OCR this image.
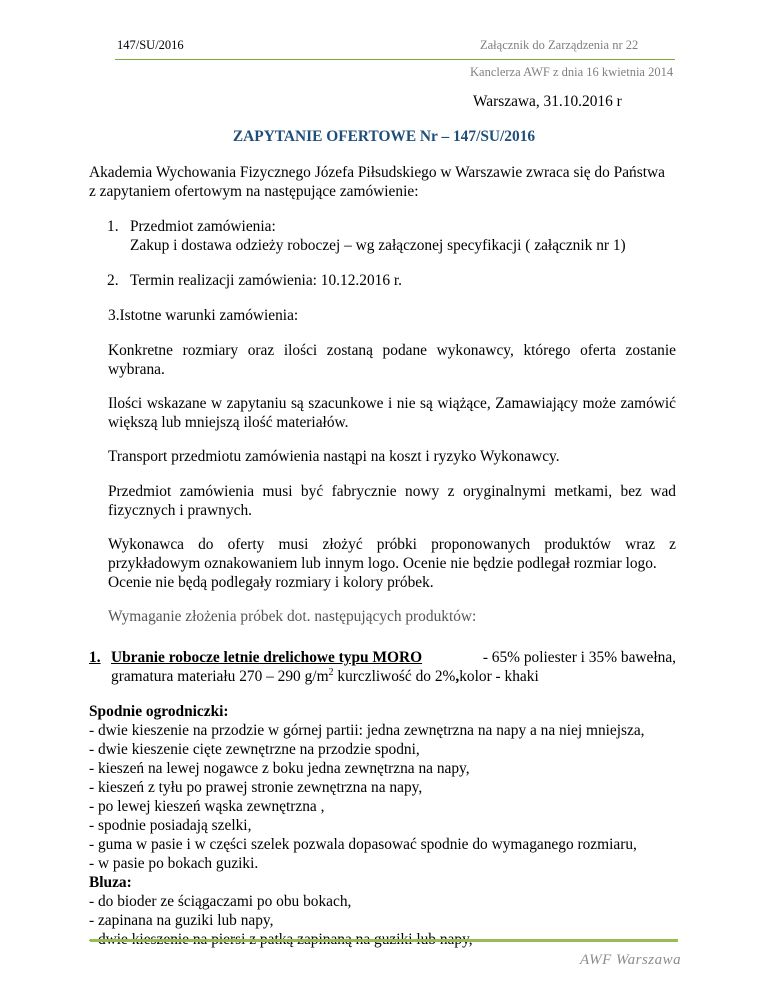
147/SU/2016	Załącznik do Zarządzenia nr 22
Kanclerza AWF z dnia 16 kwietnia 2014
Warszawa, 31.10.2016 r
ZAPYTANIE OFERTOWE Nr – 147/SU/2016
Akademia Wychowania Fizycznego Józefa Piłsudskiego w Warszawie zwraca się do Państwa
z zapytaniem ofertowym na następujące zamówienie:
1. Przedmiot zamówienia:
Zakup i dostawa odzieży roboczej – wg załączonej specyfikacji ( załącznik nr 1)
2. Termin realizacji zamówienia: 10.12.2016 r.
3.Istotne warunki zamówienia:
Konkretne rozmiary oraz ilości zostaną podane wykonawcy, którego oferta zostanie
wybrana.
Ilości wskazane w zapytaniu są szacunkowe i nie są wiążące, Zamawiający może zamówić
większą lub mniejszą ilość materiałów.
Transport przedmiotu zamówienia nastąpi na koszt i ryzyko Wykonawcy.
Przedmiot zamówienia musi być fabrycznie nowy z oryginalnymi metkami, bez wad
fizycznych i prawnych.
Wykonawca do oferty musi złożyć próbki proponowanych produktów wraz z
przykładowym oznakowaniem lub innym logo. Ocenie nie będzie podlegał rozmiar logo.
Ocenie nie będą podlegały rozmiary i kolory próbek.
Wymaganie złożenia próbek dot. następujących produktów:
1. Ubranie robocze letnie drelichowe typu MORO	- 65% poliester i 35% bawełna,
gramatura materiału 270 – 290 $g/m^2$ kurczliwość do 2%,kolor - khaki
Spodnie ogrodniczki:
- dwie kieszenie na przodzie w górnej partii: jedna zewnętrzna na napy a na niej mniejsza,
- dwie kieszenie cięte zewnętrzne na przodzie spodni,
- kieszeń na lewej nogawce z boku jedna zewnętrzna na napy,
- kieszeń z tyłu po prawej stronie zewnętrzna na napy,
- po lewej kieszeń wąska zewnętrzna ,
- spodnie posiadają szelki,
- guma w pasie i w części szelek pozwala dopasować spodnie do wymaganego rozmiaru,
- w pasie po bokach guziki.
Bluza:
- do bioder ze ściągaczami po obu bokach,
- zapinana na guziki lub napy,
AWF Warszawa
